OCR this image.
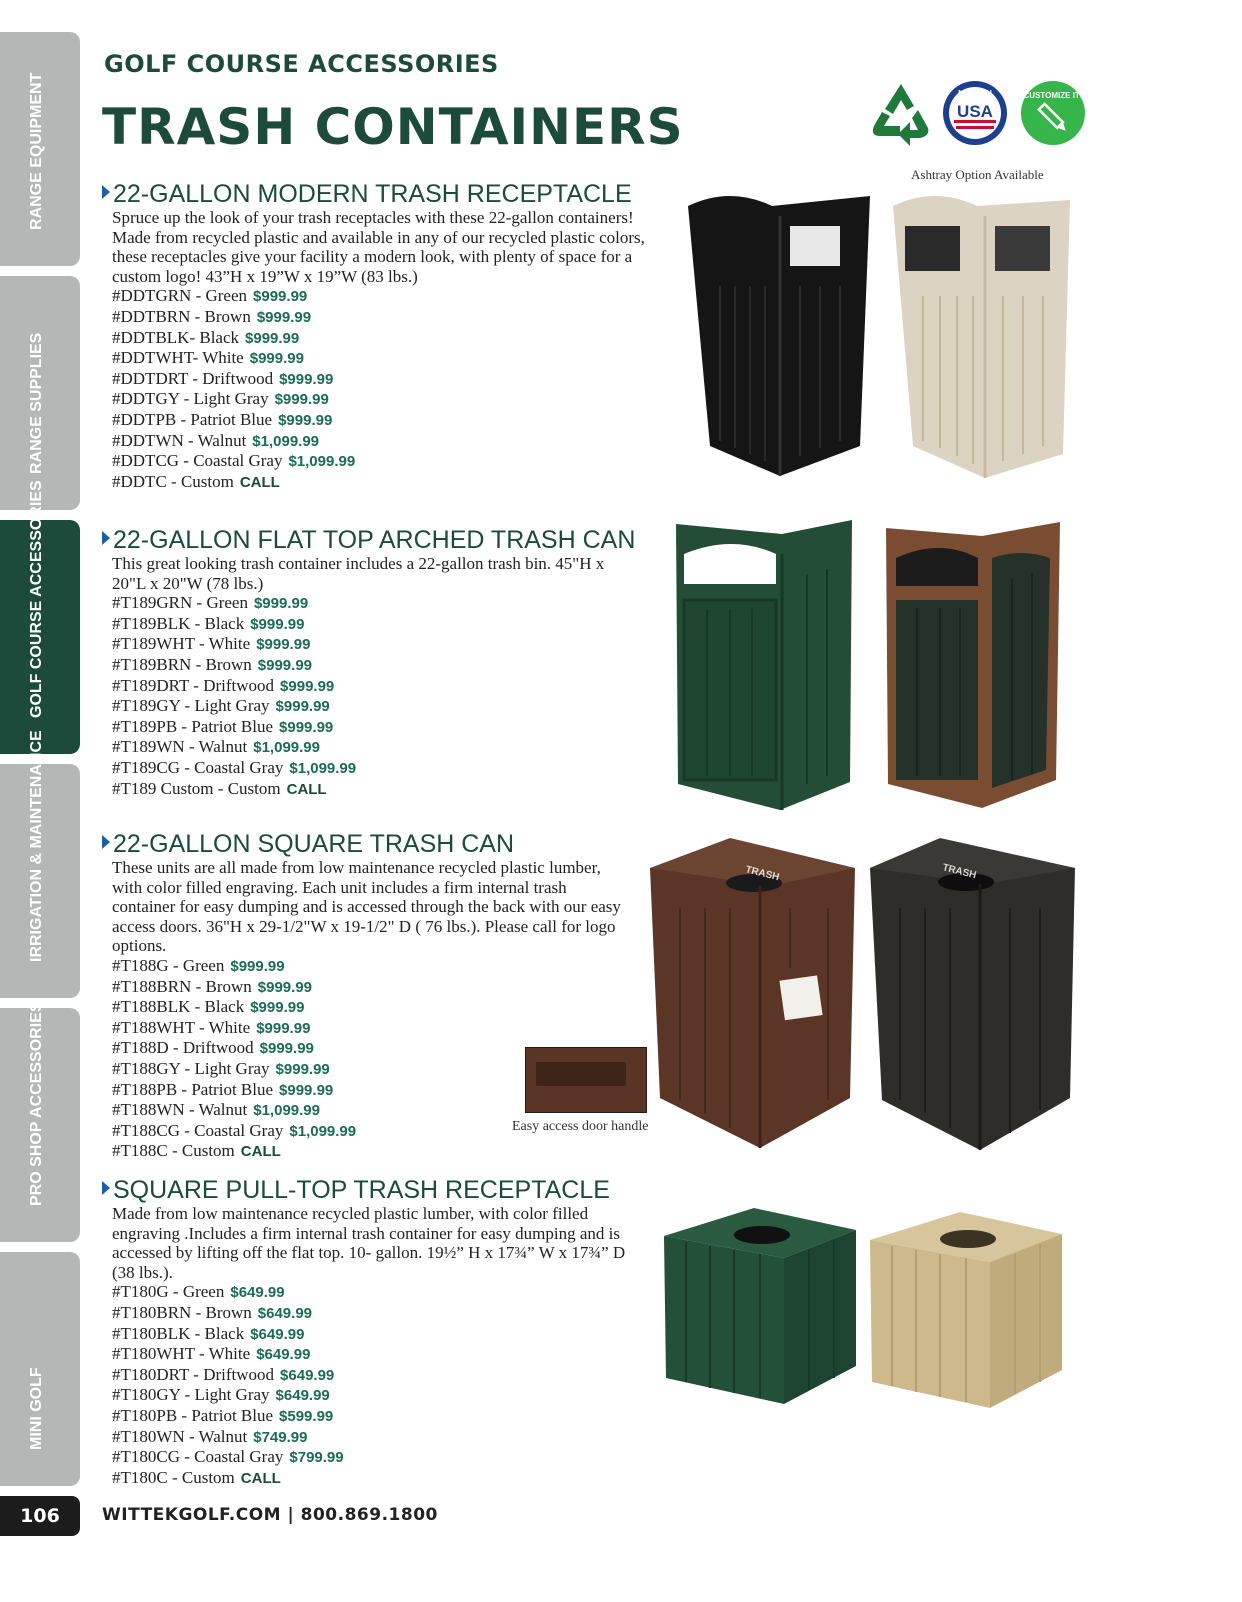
RANGE EQUIPMENT
RANGE SUPPLIES
GOLF COURSE ACCESSORIES
IRRIGATION & MAINTENANCE
PRO SHOP ACCESSORIES
MINI GOLF
GOLF COURSE ACCESSORIES
TRASH CONTAINERS	USA
MADE IN	CUSTOMIZE IT!
22-GALLON MODERN TRASH RECEPTACLE
Spruce up the look of your trash receptacles with these 22-gallon containers! Made from recycled plastic and available in any of our recycled plastic colors, these receptacles give your facility a modern look, with plenty of space for a custom logo! 43”H x 19”W x 19”W (83 lbs.)
#DDTGRN - Green $999.99
#DDTBRN - Brown $999.99
#DDTBLK- Black $999.99
#DDTWHT- White $999.99
#DDTDRT - Driftwood $999.99
#DDTGY - Light Gray $999.99
#DDTPB - Patriot Blue $999.99
#DDTWN - Walnut $1,099.99
#DDTCG - Coastal Gray $1,099.99
#DDTC - Custom CALL
Ashtray Option Available
22-GALLON FLAT TOP ARCHED TRASH CAN
This great looking trash container includes a 22-gallon trash bin. 45"H x 20"L x 20"W (78 lbs.)
#T189GRN - Green $999.99
#T189BLK - Black $999.99
#T189WHT - White $999.99
#T189BRN - Brown $999.99
#T189DRT - Driftwood $999.99
#T189GY - Light Gray $999.99
#T189PB - Patriot Blue $999.99
#T189WN - Walnut $1,099.99
#T189CG - Coastal Gray $1,099.99
#T189 Custom - Custom CALL
22-GALLON SQUARE TRASH CAN
These units are all made from low maintenance recycled plastic lumber, with color filled engraving. Each unit includes a firm internal trash container for easy dumping and is accessed through the back with our easy access doors. 36"H x 29-1/2"W x 19-1/2" D ( 76 lbs.). Please call for logo options.
#T188G - Green $999.99
#T188BRN - Brown $999.99
#T188BLK - Black $999.99
#T188WHT - White $999.99
#T188D - Driftwood $999.99
#T188GY - Light Gray $999.99
#T188PB - Patriot Blue $999.99
#T188WN - Walnut $1,099.99
#T188CG - Coastal Gray $1,099.99
#T188C - Custom CALL
Easy access door handle
TRASH	TRASH
SQUARE PULL-TOP TRASH RECEPTACLE
Made from low maintenance recycled plastic lumber, with color filled engraving .Includes a firm internal trash container for easy dumping and is accessed by lifting off the flat top. 10- gallon. 19½” H x 17¾” W x 17¾” D (38 lbs.).
#T180G - Green $649.99
#T180BRN - Brown $649.99
#T180BLK - Black $649.99
#T180WHT - White $649.99
#T180DRT - Driftwood $649.99
#T180GY - Light Gray $649.99
#T180PB - Patriot Blue $599.99
#T180WN - Walnut $749.99
#T180CG - Coastal Gray $799.99
#T180C - Custom CALL
106	WITTEKGOLF.COM | 800.869.1800
